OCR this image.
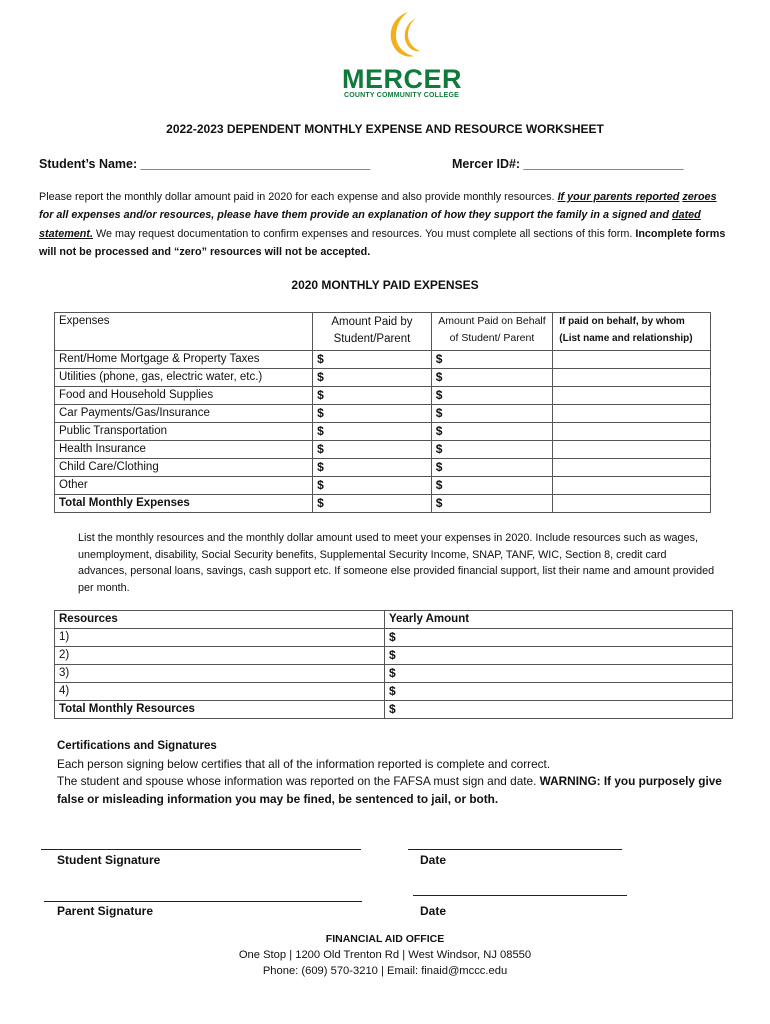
MERCER
COUNTY COMMUNITY COLLEGE
2022-2023 DEPENDENT MONTHLY EXPENSE AND RESOURCE WORKSHEET
Student’s Name: _________________________________	Mercer ID#: _______________________
Please report the monthly dollar amount paid in 2020 for each expense and also provide monthly resources. If your parents reported zeroes for all expenses and/or resources, please have them provide an explanation of how they support the family in a signed and dated statement. We may request documentation to confirm expenses and resources. You must complete all sections of this form. Incomplete forms will not be processed and “zero” resources will not be accepted.
2020 MONTHLY PAID EXPENSES
Expenses	Amount Paid by Student/Parent	Amount Paid on Behalf of Student/ Parent	If paid on behalf, by whom (List name and relationship)
Rent/Home Mortgage & Property Taxes	$	$	
Utilities (phone, gas, electric water, etc.)	$	$	
Food and Household Supplies	$	$	
Car Payments/Gas/Insurance	$	$	
Public Transportation	$	$	
Health Insurance	$	$	
Child Care/Clothing	$	$	
Other	$	$	
Total Monthly Expenses	$	$	
List the monthly resources and the monthly dollar amount used to meet your expenses in 2020. Include resources such as wages, unemployment, disability, Social Security benefits, Supplemental Security Income, SNAP, TANF, WIC, Section 8, credit card advances, personal loans, savings, cash support etc. If someone else provided financial support, list their name and amount provided per month.
Resources	Yearly Amount
1)	$
2)	$
3)	$
4)	$
Total Monthly Resources	$
Certifications and Signatures
Each person signing below certifies that all of the information reported is complete and correct.
The student and spouse whose information was reported on the FAFSA must sign and date. WARNING: If you purposely give false or misleading information you may be fined, be sentenced to jail, or both.
Student Signature	Date
Parent Signature	Date
FINANCIAL AID OFFICE
One Stop | 1200 Old Trenton Rd | West Windsor, NJ 08550
Phone: (609) 570-3210 | Email: finaid@mccc.edu
